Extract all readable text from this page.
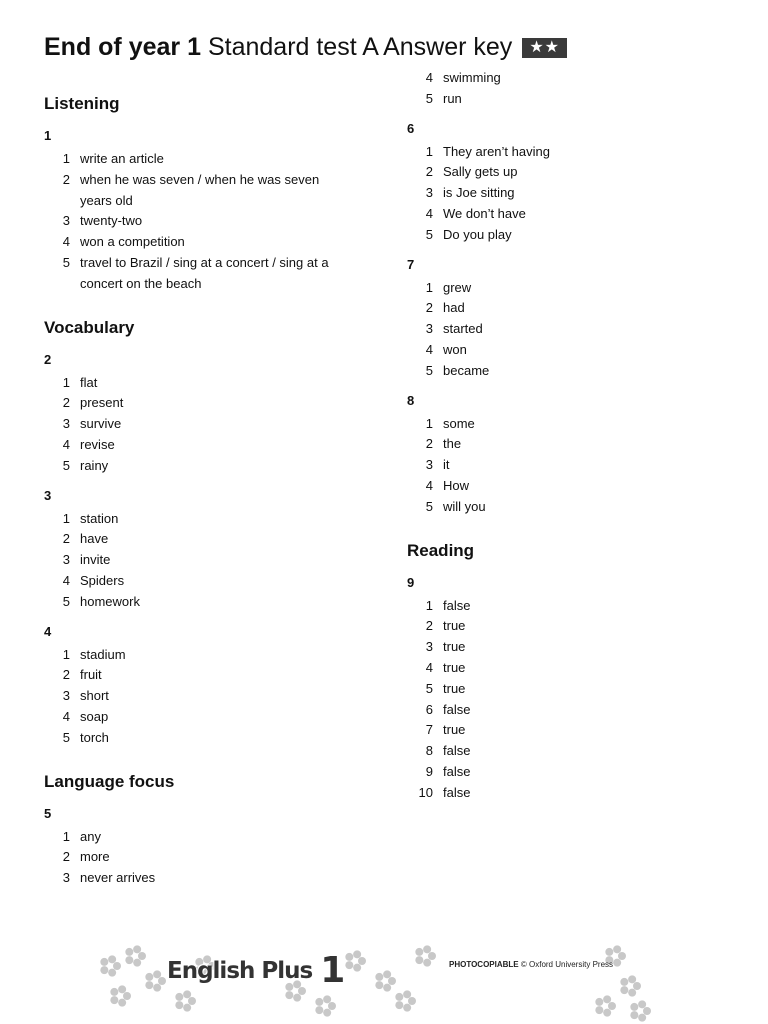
End of year 1 Standard test A Answer key ★★
Listening
1
1 write an article
2 when he was seven / when he was seven years old
3 twenty-two
4 won a competition
5 travel to Brazil / sing at a concert / sing at a concert on the beach
Vocabulary
2
1 flat
2 present
3 survive
4 revise
5 rainy
3
1 station
2 have
3 invite
4 Spiders
5 homework
4
1 stadium
2 fruit
3 short
4 soap
5 torch
Language focus
5
1 any
2 more
3 never arrives
4 swimming
5 run
6
1 They aren’t having
2 Sally gets up
3 is Joe sitting
4 We don’t have
5 Do you play
7
1 grew
2 had
3 started
4 won
5 became
8
1 some
2 the
3 it
4 How
5 will you
Reading
9
1 false
2 true
3 true
4 true
5 true
6 false
7 true
8 false
9 false
10 false
English Plus 1	PHOTOCOPIABLE © Oxford University Press
